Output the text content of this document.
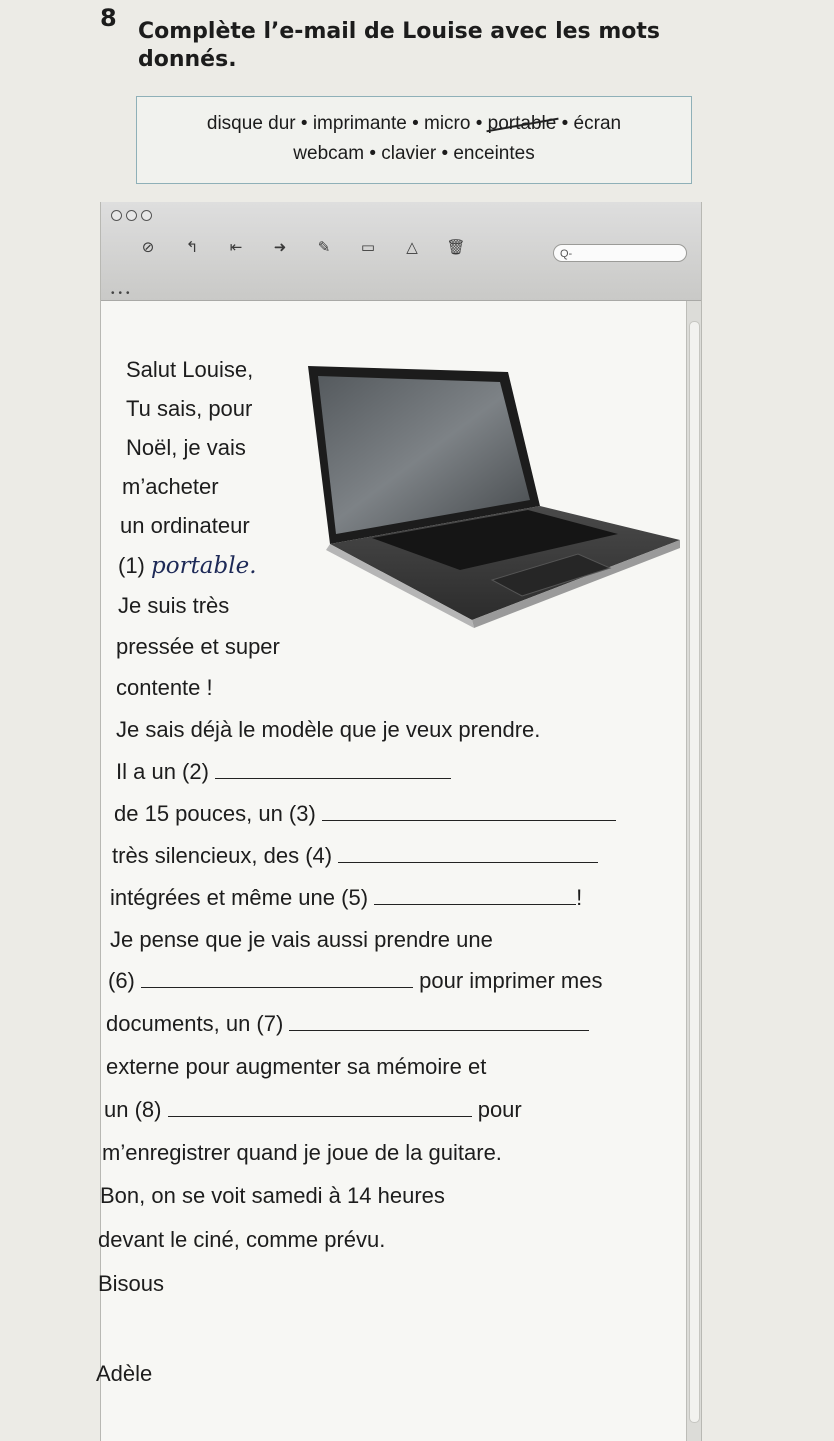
8 Complète l’e-mail de Louise avec les mots donnés.
disque dur • imprimante • micro • portable • écran
webcam • clavier • enceintes
⊘	↰	⇤	➜	✎	▭	△	🗑	Q-
•••
Salut Louise,
Tu sais, pour
Noël, je vais
m’acheter
un ordinateur
(1) portable.
Je suis très
pressée et super
contente !
Je sais déjà le modèle que je veux prendre.
Il a un (2)
de 15 pouces, un (3)
très silencieux, des (4)
intégrées et même une (5)	!
Je pense que je vais aussi prendre une
(6)	pour imprimer mes
documents, un (7)
externe pour augmenter sa mémoire et
un (8)	pour
m’enregistrer quand je joue de la guitare.
Bon, on se voit samedi à 14 heures
devant le ciné, comme prévu.
Bisous
Adèle
